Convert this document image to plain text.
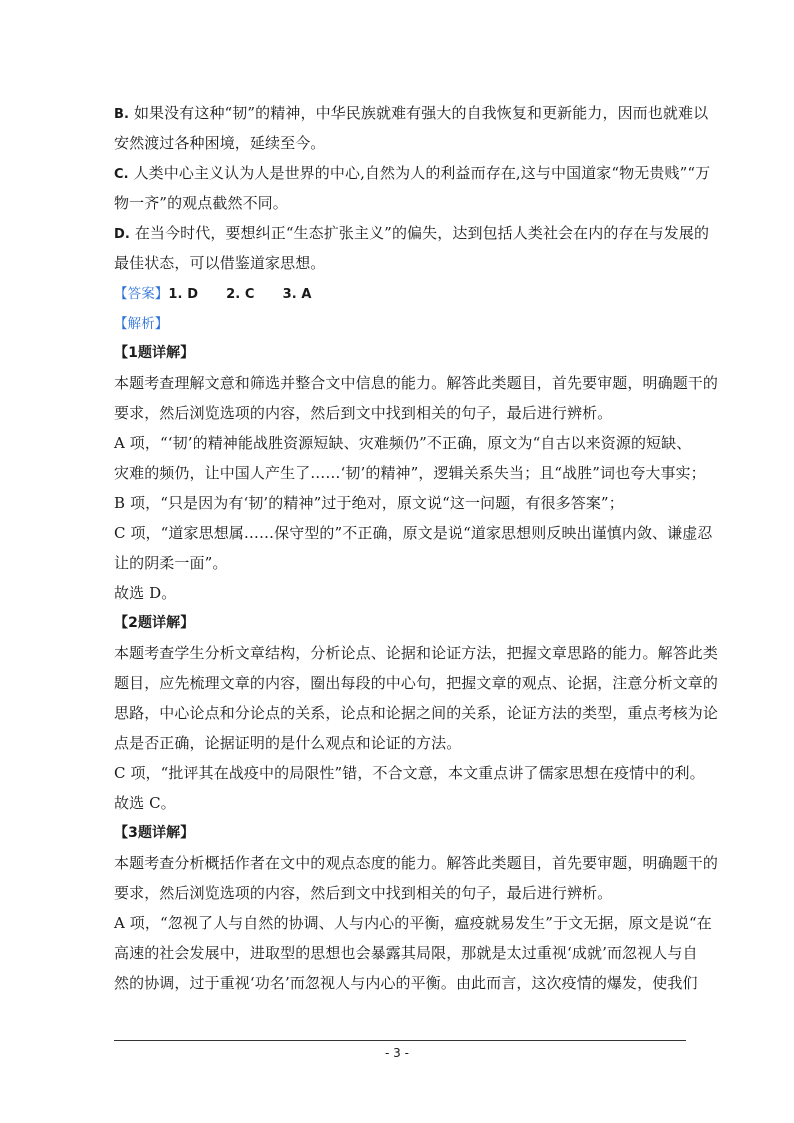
B. 如果没有这种“韧”的精神，中华民族就难有强大的自我恢复和更新能力，因而也就难以
安然渡过各种困境，延续至今。
C. 人类中心主义认为人是世界的中心,自然为人的利益而存在,这与中国道家“物无贵贱”“万
物一齐”的观点截然不同。
D. 在当今时代，要想纠正“生态扩张主义”的偏失，达到包括人类社会在内的存在与发展的
最佳状态，可以借鉴道家思想。
【答案】1. D 2. C 3. A
【解析】
【1题详解】
本题考查理解文意和筛选并整合文中信息的能力。解答此类题目，首先要审题，明确题干的
要求，然后浏览选项的内容，然后到文中找到相关的句子，最后进行辨析。
A 项，“‘韧’的精神能战胜资源短缺、灾难频仍”不正确，原文为“自古以来资源的短缺、
灾难的频仍，让中国人产生了……‘韧’的精神”，逻辑关系失当；且“战胜”词也夸大事实；
B 项，“只是因为有‘韧’的精神”过于绝对，原文说“这一问题，有很多答案”；
C 项，“道家思想属……保守型的”不正确，原文是说“道家思想则反映出谨慎内敛、谦虚忍
让的阴柔一面”。
故选 D。
【2题详解】
本题考查学生分析文章结构，分析论点、论据和论证方法，把握文章思路的能力。解答此类
题目，应先梳理文章的内容，圈出每段的中心句，把握文章的观点、论据，注意分析文章的
思路，中心论点和分论点的关系，论点和论据之间的关系，论证方法的类型，重点考核为论
点是否正确，论据证明的是什么观点和论证的方法。
C 项，“批评其在战疫中的局限性”错，不合文意，本文重点讲了儒家思想在疫情中的利。
故选 C。
【3题详解】
本题考查分析概括作者在文中的观点态度的能力。解答此类题目，首先要审题，明确题干的
要求，然后浏览选项的内容，然后到文中找到相关的句子，最后进行辨析。
A 项，“忽视了人与自然的协调、人与内心的平衡，瘟疫就易发生”于文无据，原文是说“在
高速的社会发展中，进取型的思想也会暴露其局限，那就是太过重视‘成就’而忽视人与自
然的协调，过于重视‘功名’而忽视人与内心的平衡。由此而言，这次疫情的爆发，使我们
- 3 -
